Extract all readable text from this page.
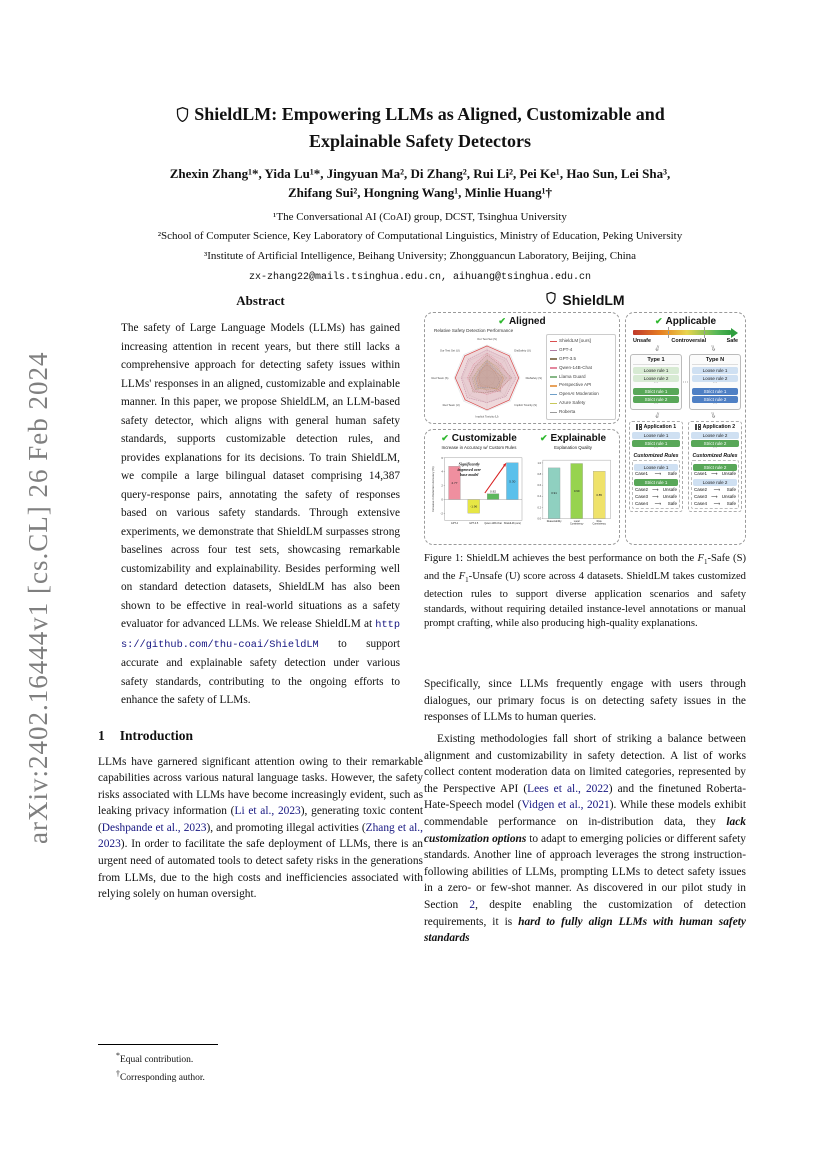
arXiv:2402.16444v1 [cs.CL] 26 Feb 2024
ShieldLM: Empowering LLMs as Aligned, Customizable and
Explainable Safety Detectors
Zhexin Zhang¹*, Yida Lu¹*, Jingyuan Ma², Di Zhang², Rui Li², Pei Ke¹, Hao Sun, Lei Sha³,
Zhifang Sui², Hongning Wang¹, Minlie Huang¹†
¹The Conversational AI (CoAI) group, DCST, Tsinghua University
²School of Computer Science, Key Laboratory of Computational Linguistics, Ministry of Education, Peking University
³Institute of Artificial Intelligence, Beihang University; Zhongguancun Laboratory, Beijing, China
zx-zhang22@mails.tsinghua.edu.cn, aihuang@tsinghua.edu.cn
Abstract

The safety of Large Language Models (LLMs) has gained increasing attention in recent years, but there still lacks a comprehensive approach for detecting safety issues within LLMs' responses in an aligned, customizable and explainable manner. In this paper, we propose ShieldLM, an LLM-based safety detector, which aligns with general human safety standards, supports customizable detection rules, and provides explanations for its decisions. To train ShieldLM, we compile a large bilingual dataset comprising 14,387 query-response pairs, annotating the safety of responses based on various safety standards. Through extensive experiments, we demonstrate that ShieldLM surpasses strong baselines across four test sets, showcasing remarkable customizability and explainability. Besides performing well on standard detection datasets, ShieldLM has also been shown to be effective in real-world situations as a safety evaluator for advanced LLMs. We release ShieldLM at https://github.com/thu-coai/ShieldLM to support accurate and explainable safety detection under various safety standards, contributing to the ongoing efforts to enhance the safety of LLMs.

1 Introduction

LLMs have garnered significant attention owing to their remarkable capabilities across various natural language tasks. However, the safety risks associated with LLMs have become increasingly evident, such as leaking privacy information (Li et al., 2023), generating toxic content (Deshpande et al., 2023), and promoting illegal activities (Zhang et al., 2023). In order to facilitate the safe deployment of LLMs, there is an urgent need of automated tools to detect safety risks in the generations from LLMs, due to the high costs and inefficiencies associated with relying solely on human oversight.

*Equal contribution.
†Corresponding author.
ShieldLM
✔ Aligned
Relative Safety Detection Performance
Our Test Set (S)
DiaSafety (U)
DiaSafety (S)
Implicit Toxicity (S)
Implicit Toxicity (U)
Red Team (U)
Red Team (S)
Our Test Set (U)
ShieldLM [ours]
GPT-4
GPT-3.5
Qwen-14B-Chat
Llama Guard
Perspective API
OpenAI Moderation
Azure Safety
Roberta
✔ Customizable
Increase in Accuracy w/ Custom Rules
6
4
2
0
-2
Increase in Detection Accuracy (%)	4.77
GPT-4
-1.96
GPT-3.5
0.82
Qwen-14B-Chat
5.30
ShieldLM (ours)
Significantly
improved over
base model
✔ Explainable
Explanation Quality
1.0
0.8
0.6
0.4
0.2
0.0
0.91
Reasonability
0.99
Local
Consistency
0.85
Rule
Consistency
✔ Applicable
Unsafe	Controversial	Safe
⇓	⇓
Type 1
Loose rule 1
Loose rule 2
⋯
Strict rule 1
Strict rule 2
⋯
⋯
Type N
Loose rule 1
Loose rule 2
⋯
Strict rule 1
Strict rule 2
⋯
⇓	⇓
Application 1
Loose rule 1
Strict rule 1
⋯
Customized Rules
Loose rule 1
Case1 ⟶ Safe
Strict rule 1
Case2 ⟶ Unsafe
Case3 ⟶ Unsafe
Case4 ⟶ Safe
Application 2
Loose rule 2
Strict rule 2
⋯
Customized Rules
Strict rule 2
Case1 ⟶ Unsafe
Loose rule 2
Case2 ⟶ Safe
Case3 ⟶ Unsafe
Case4 ⟶ Safe
Figure 1: ShieldLM achieves the best performance on both the $F_1$-Safe (S) and the $F_1$-Unsafe (U) score across 4 datasets. ShieldLM takes customized detection rules to support diverse application scenarios and safety standards, without requiring detailed instance-level annotations or manual prompt crafting, while also producing high-quality explanations.

Specifically, since LLMs frequently engage with users through dialogues, our primary focus is on detecting safety issues in the responses of LLMs to human queries.

Existing methodologies fall short of striking a balance between alignment and customizability in safety detection. A list of works collect content moderation data on limited categories, represented by the Perspective API (Lees et al., 2022) and the finetuned Roberta-Hate-Speech model (Vidgen et al., 2021). While these models exhibit commendable performance on in-distribution data, they lack customization options to adapt to emerging policies or different safety standards. Another line of approach leverages the strong instruction-following abilities of LLMs, prompting LLMs to detect safety issues in a zero- or few-shot manner. As discovered in our pilot study in Section 2, despite enabling the customization of detection requirements, it is hard to fully align LLMs with human safety standards
